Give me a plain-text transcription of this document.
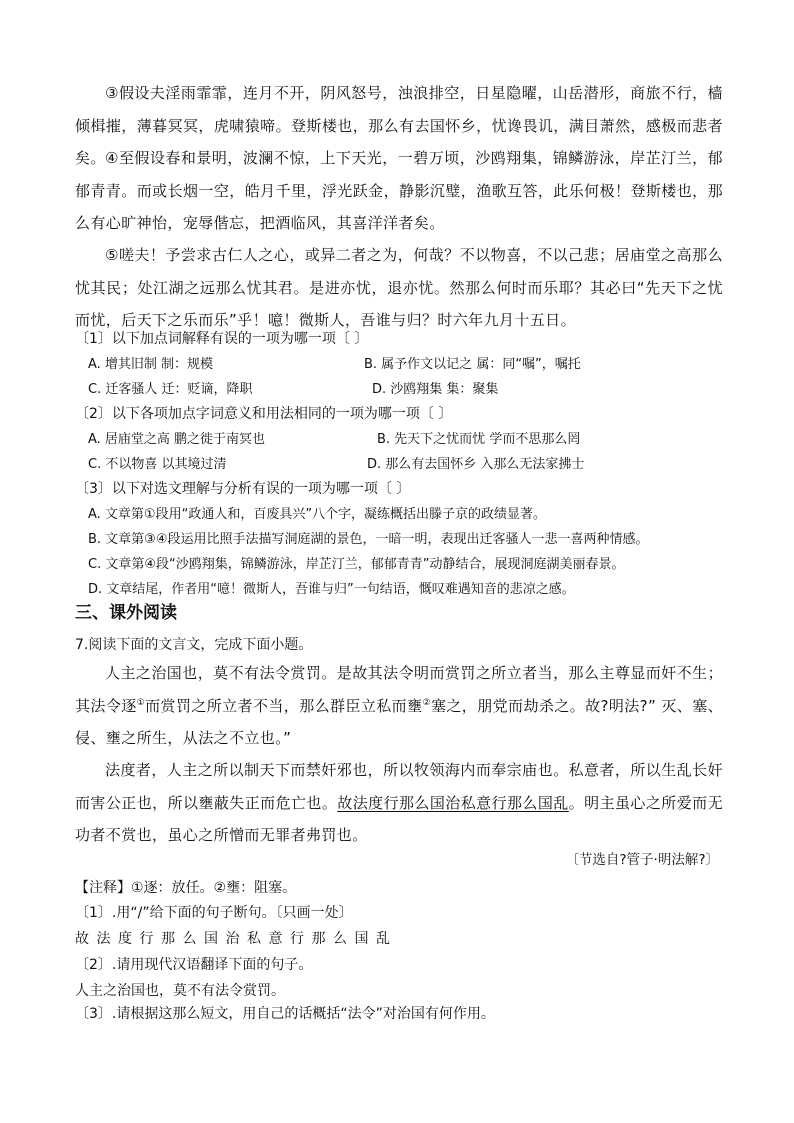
③假设夫淫雨霏霏，连月不开，阴风怒号，浊浪排空，日星隐曜，山岳潜形，商旅不行，樯倾楫摧，薄暮冥冥，虎啸猿啼。登斯楼也，那么有去国怀乡，忧谗畏讥，满目萧然，感极而悲者矣。 ④至假设春和景明，波澜不惊，上下天光，一碧万顷，沙鸥翔集，锦鳞游泳，岸芷汀兰，郁郁青青。而或长烟一空，皓月千里，浮光跃金，静影沉璧，渔歌互答，此乐何极！登斯楼也，那么有心旷神怡，宠辱偕忘，把酒临风，其喜洋洋者矣。

⑤嗟夫！予尝求古仁人之心，或异二者之为，何哉？不以物喜，不以己悲；居庙堂之高那么忧其民；处江湖之远那么忧其君。是进亦忧，退亦忧。然那么何时而乐耶？其必曰“先天下之忧而忧，后天下之乐而乐”乎！噫！微斯人，吾谁与归？时六年九月十五日。

〔1〕以下加点词解释有误的一项为哪一项〔 〕
A. 增其旧制 制：规模	B. 属予作文以记之 属：同“嘱”，嘱托
C. 迁客骚人 迁：贬谪，降职	D. 沙鸥翔集 集：聚集
〔2〕以下各项加点字词意义和用法相同的一项为哪一项〔 〕
A. 居庙堂之高 鹏之徙于南冥也	B. 先天下之忧而忧 学而不思那么罔
C. 不以物喜 以其境过清	D. 那么有去国怀乡 入那么无法家拂士
〔3〕以下对选文理解与分析有误的一项为哪一项〔 〕
A. 文章第①段用“政通人和，百废具兴”八个字，凝练概括出滕子京的政绩显著。
B. 文章第③④段运用比照手法描写洞庭湖的景色，一暗一明，表现出迁客骚人一悲一喜两种情感。
C. 文章第④段“沙鸥翔集，锦鳞游泳，岸芷汀兰，郁郁青青”动静结合，展现洞庭湖美丽春景。
D. 文章结尾，作者用“噫！微斯人，吾谁与归”一句结语，慨叹难遇知音的悲凉之感。
三、课外阅读
7.阅读下面的文言文，完成下面小题。

人主之治国也，莫不有法令赏罚。是故其法令明而赏罚之所立者当，那么主尊显而奸不生；其法令逐①而赏罚之所立者不当，那么群臣立私而壅②塞之，朋党而劫杀之。故?明法?” 灭、塞、侵、壅之所生，从法之不立也。”

法度者，人主之所以制天下而禁奸邪也，所以牧领海内而奉宗庙也。私意者，所以生乱长奸而害公正也，所以壅蔽失正而危亡也。故法度行那么国治私意行那么国乱。明主虽心之所爱而无功者不赏也，虽心之所憎而无罪者弗罚也。

〔节选自?管子·明法解?〕
【注释】①逐：放任。②壅：阻塞。
〔1〕.用“/”给下面的句子断句。〔只画一处〕
故法度行那么国治私意行那么国乱
〔2〕.请用现代汉语翻译下面的句子。
人主之治国也，莫不有法令赏罚。
〔3〕.请根据这那么短文，用自己的话概括“法令”对治国有何作用。
